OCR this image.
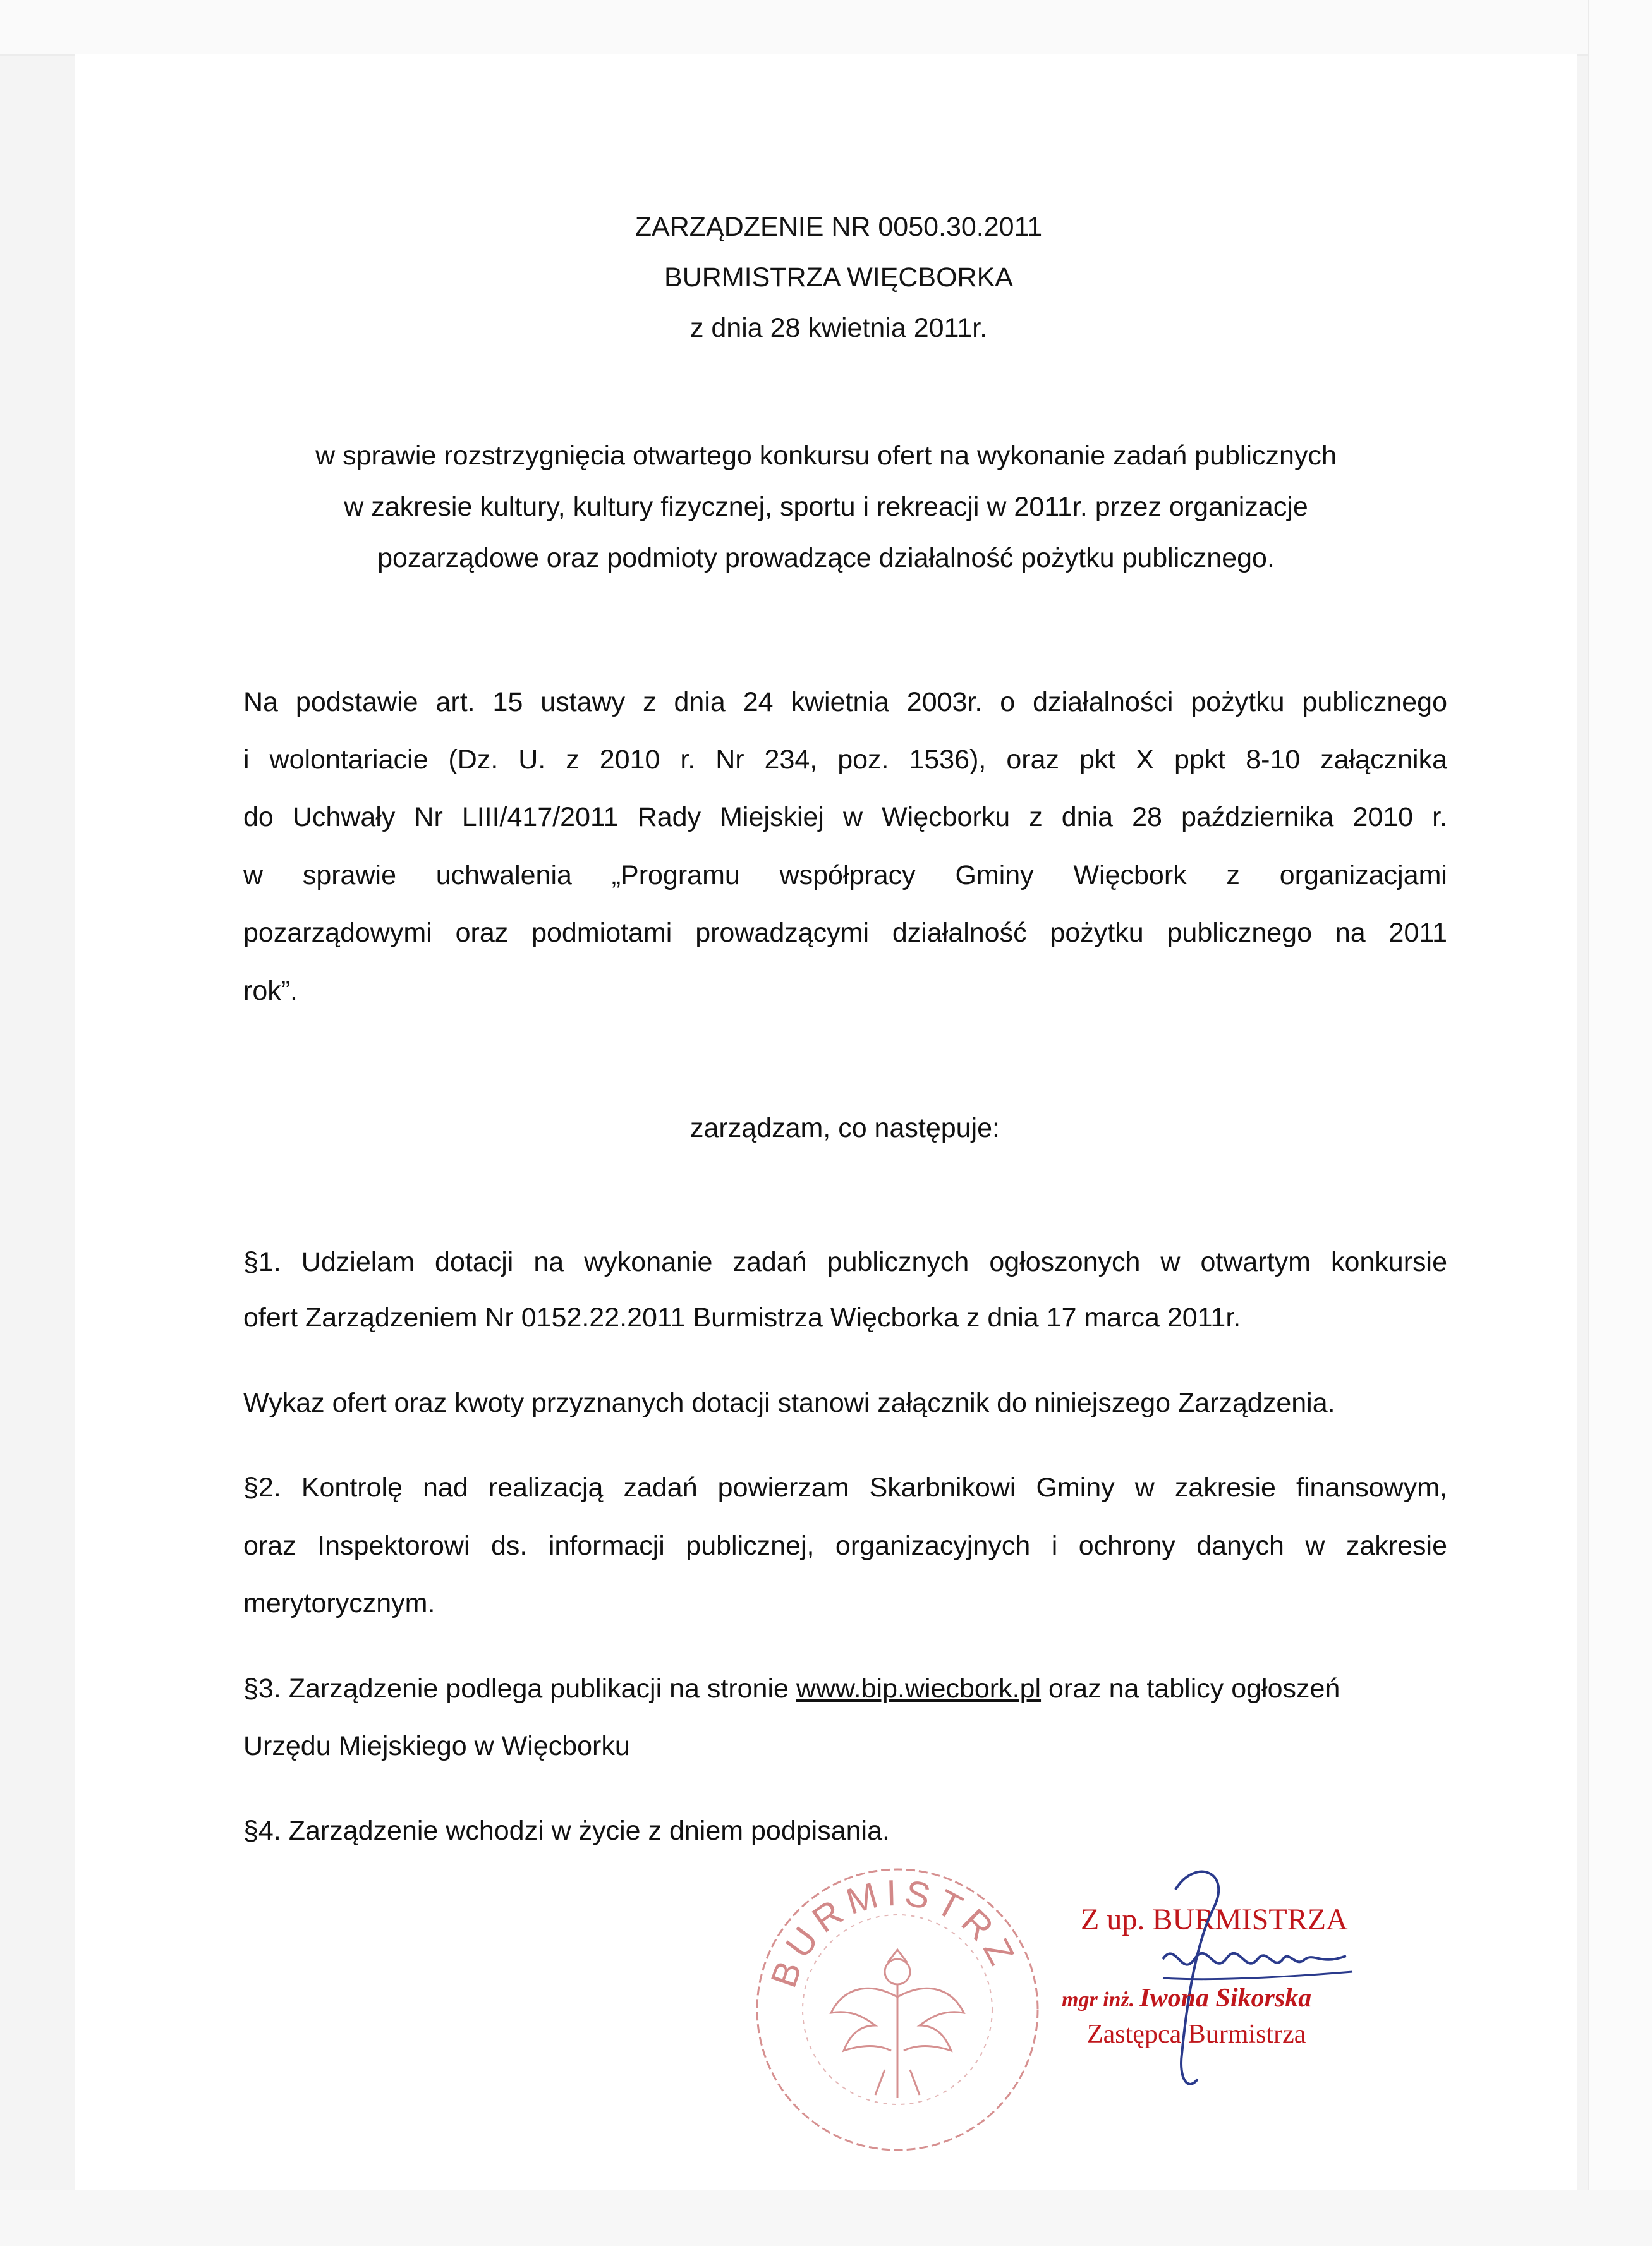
ZARZĄDZENIE NR 0050.30.2011
BURMISTRZA WIĘCBORKA
z dnia 28 kwietnia 2011r.
w sprawie rozstrzygnięcia otwartego konkursu ofert na wykonanie zadań publicznych
w zakresie kultury, kultury fizycznej, sportu i rekreacji w 2011r. przez organizacje
pozarządowe oraz podmioty prowadzące działalność pożytku publicznego.
Na podstawie art. 15 ustawy z dnia 24 kwietnia 2003r. o działalności pożytku publicznego
i wolontariacie (Dz. U. z 2010 r. Nr 234, poz. 1536), oraz pkt X ppkt 8-10 załącznika
do Uchwały Nr LIII/417/2011 Rady Miejskiej w Więcborku z dnia 28 października 2010 r.
w sprawie uchwalenia „Programu współpracy Gminy Więcbork z organizacjami
pozarządowymi oraz podmiotami prowadzącymi działalność pożytku publicznego na 2011
rok”.
zarządzam, co następuje:
§1. Udzielam dotacji na wykonanie zadań publicznych ogłoszonych w otwartym konkursie
ofert Zarządzeniem Nr 0152.22.2011 Burmistrza Więcborka z dnia 17 marca 2011r.
Wykaz ofert oraz kwoty przyznanych dotacji stanowi załącznik do niniejszego Zarządzenia.
§2. Kontrolę nad realizacją zadań powierzam Skarbnikowi Gminy w zakresie finansowym,
oraz Inspektorowi ds. informacji publicznej, organizacyjnych i ochrony danych w zakresie
merytorycznym.
§3. Zarządzenie podlega publikacji na stronie www.bip.wiecbork.pl oraz na tablicy ogłoszeń
Urzędu Miejskiego w Więcborku
§4. Zarządzenie wchodzi w życie z dniem podpisania.
BURMISTRZ
Z up. BURMISTRZA
mgr inż. Iwona Sikorska
Zastępca Burmistrza
